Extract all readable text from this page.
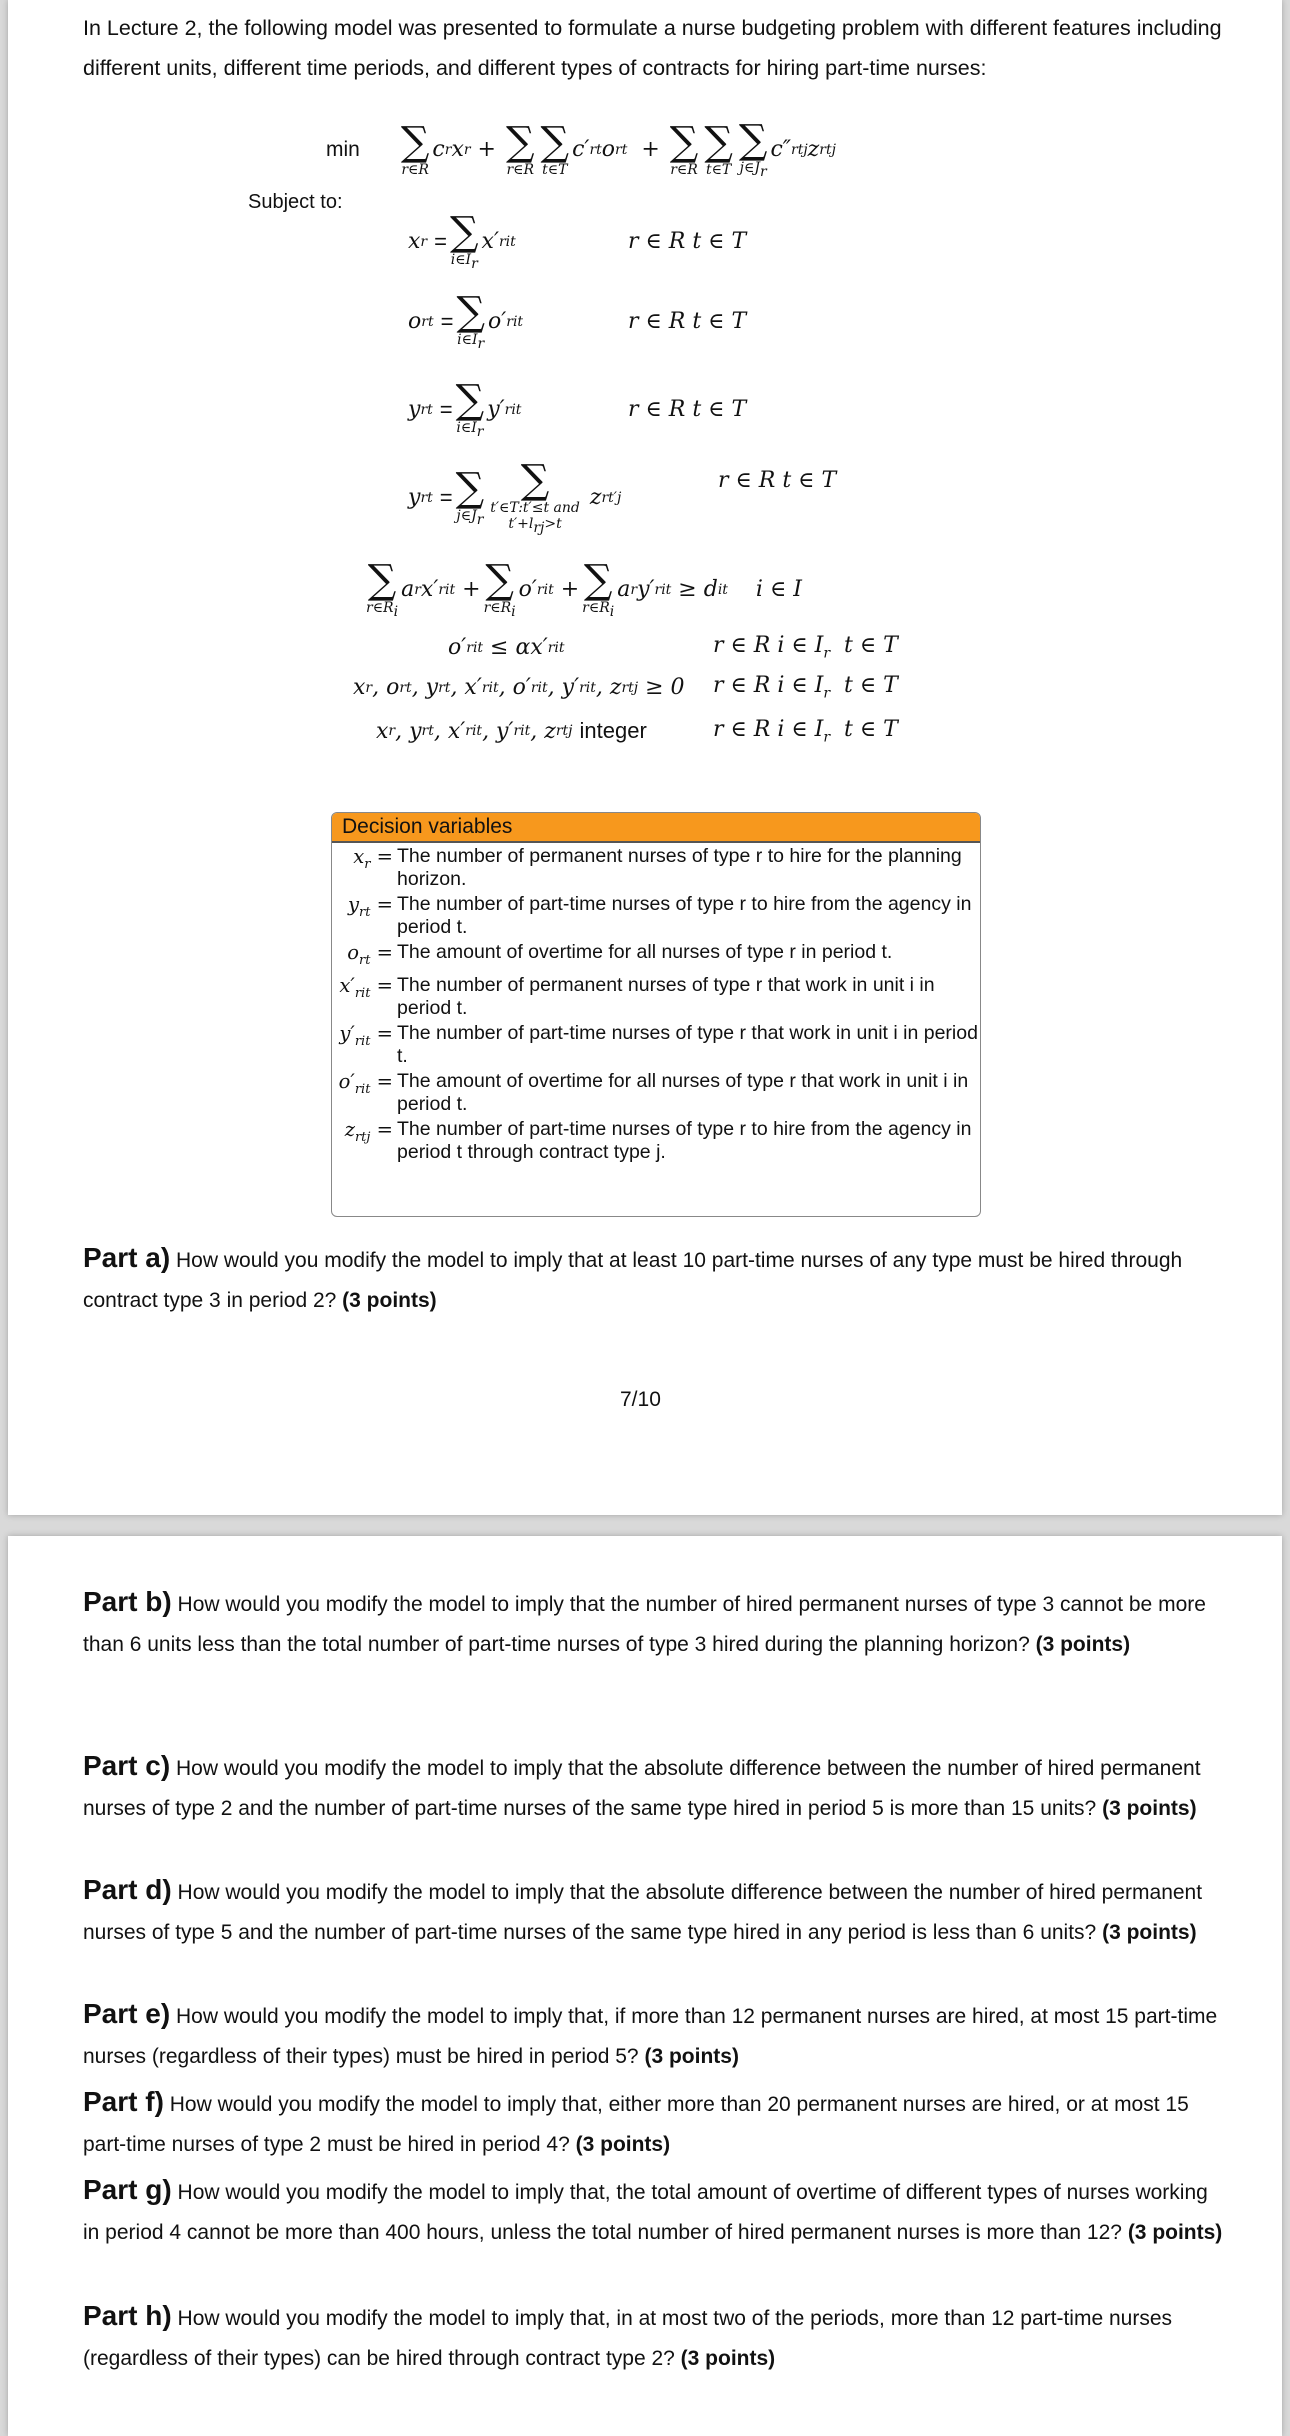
In Lecture 2, the following model was presented to formulate a nurse budgeting problem with different features including different units, different time periods, and different types of contracts for hiring part-time nurses:
min ∑
r∈R
c r x r + ∑
r∈R
∑
t∈T
c′ rt o rt + ∑
r∈R
∑
t∈T
∑
$j\in J_r$
c″ rtj z rtj
Subject to:
x r
= ∑
$i\in I_r$
x′ rit	r ∈ R t ∈ T
o rt
= ∑
$i\in I_r$
o′ rit	r ∈ R t ∈ T
y rt
= ∑
$i\in I_r$
y′ rit	r ∈ R t ∈ T
y rt
= ∑
$j\in J_r$
∑
t′∈T:t′≤t and
$t'+l_{rj}>t$
z rt′j
r ∈ R t ∈ T
∑
$r\in R_i$
a r x′ rit + ∑
$r\in R_i$
o′ rit + ∑
$r\in R_i$
a r y′ rit
≥ d it i ∈ I
o′ rit ≤ αx′ rit	r ∈ R i ∈ $I_r$  t ∈ T
x r , o rt , y rt , x′ rit , o′ rit , y′ rit , z rtj
≥ 0 r ∈ R i ∈ $I_r$  t ∈ T
x r , y rt , x′ rit , y′ rit , z rtj
integer	r ∈ R i ∈ $I_r$  t ∈ T
Decision variables
$x_r$ = The number of permanent nurses of type r to hire for the planning horizon.
$y_{rt}$ = The number of part-time nurses of type r to hire from the agency in period t.
$o_{rt}$ = The amount of overtime for all nurses of type r in period t.
$x'_{rit}$ = The number of permanent nurses of type r that work in unit i in period t.
$y'_{rit}$ = The number of part-time nurses of type r that work in unit i in period t.
$o'_{rit}$ = The amount of overtime for all nurses of type r that work in unit i in period t.
$z_{rtj}$ = The number of part-time nurses of type r to hire from the agency in period t through contract type j.
Part a) How would you modify the model to imply that at least 10 part-time nurses of any type must be hired through contract type 3 in period 2? (3 points)
7/10
Part b) How would you modify the model to imply that the number of hired permanent nurses of type 3 cannot be more than 6 units less than the total number of part-time nurses of type 3 hired during the planning horizon? (3 points)
Part c) How would you modify the model to imply that the absolute difference between the number of hired permanent nurses of type 2 and the number of part-time nurses of the same type hired in period 5 is more than 15 units? (3 points)
Part d) How would you modify the model to imply that the absolute difference between the number of hired permanent nurses of type 5 and the number of part-time nurses of the same type hired in any period is less than 6 units? (3 points)
Part e) How would you modify the model to imply that, if more than 12 permanent nurses are hired, at most 15 part-time nurses (regardless of their types) must be hired in period 5? (3 points)
Part f) How would you modify the model to imply that, either more than 20 permanent nurses are hired, or at most 15 part-time nurses of type 2 must be hired in period 4? (3 points)
Part g) How would you modify the model to imply that, the total amount of overtime of different types of nurses working in period 4 cannot be more than 400 hours, unless the total number of hired permanent nurses is more than 12? (3 points)
Part h) How would you modify the model to imply that, in at most two of the periods, more than 12 part-time nurses (regardless of their types) can be hired through contract type 2? (3 points)
